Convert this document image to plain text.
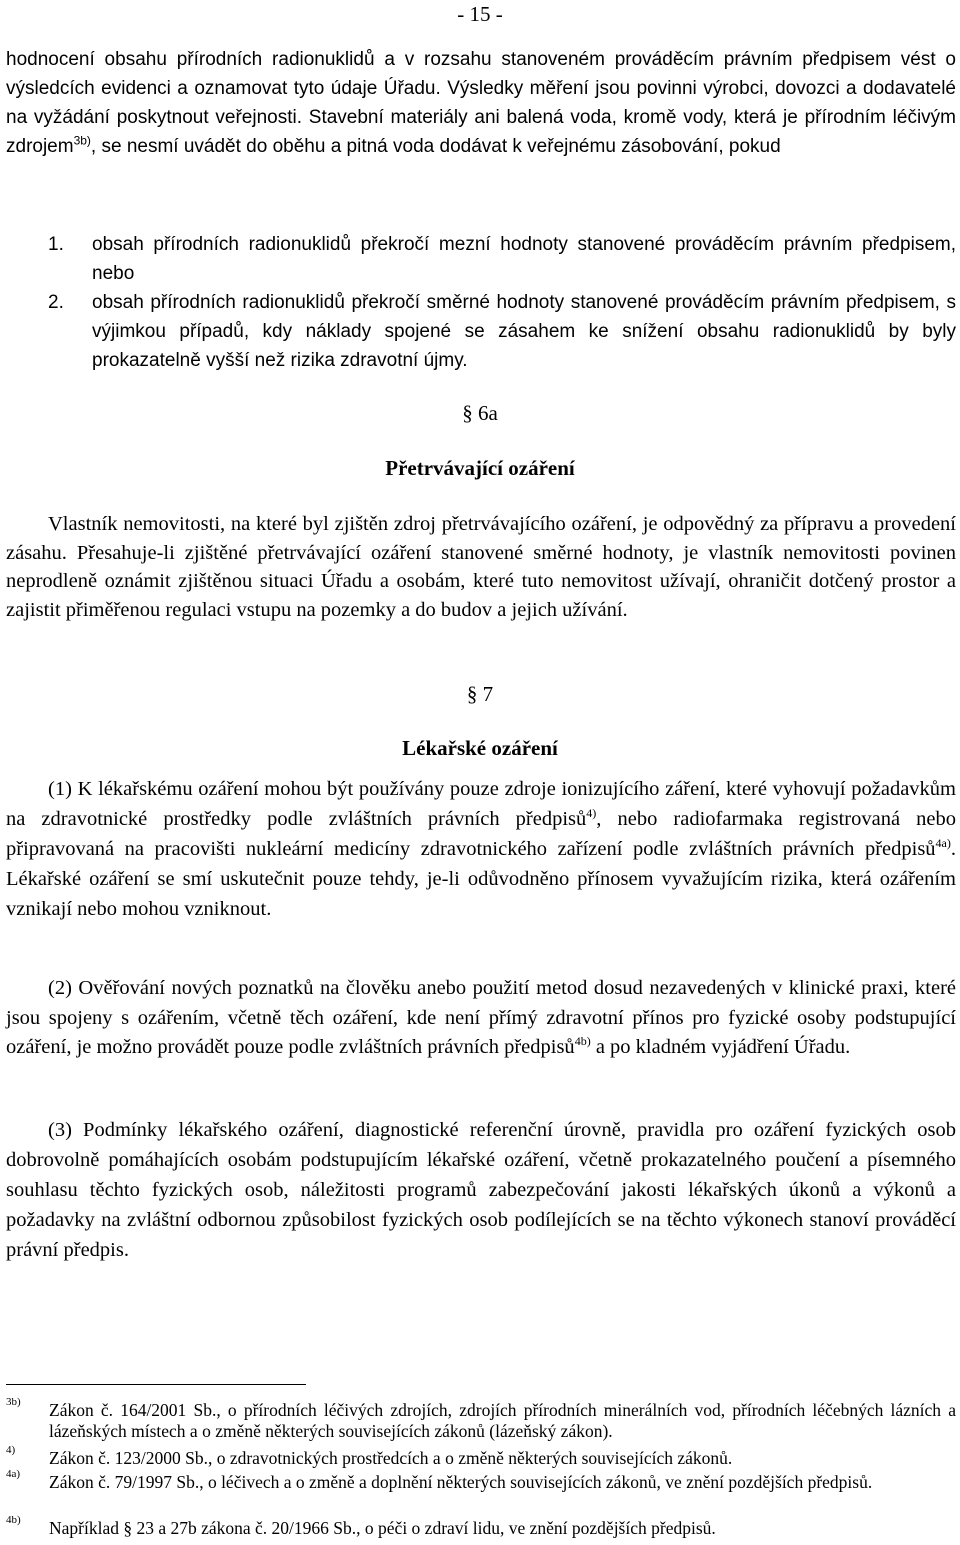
- 15 -
hodnocení obsahu přírodních radionuklidů a v rozsahu stanoveném prováděcím právním předpisem vést o výsledcích evidenci a oznamovat tyto údaje Úřadu. Výsledky měření jsou povinni výrobci, dovozci a dodavatelé na vyžádání poskytnout veřejnosti. Stavební materiály ani balená voda, kromě vody, která je přírodním léčivým zdrojem$^{3b)}$, se nesmí uvádět do oběhu a pitná voda dodávat k veřejnému zásobování, pokud
1. obsah přírodních radionuklidů překročí mezní hodnoty stanovené prováděcím právním předpisem, nebo
2. obsah přírodních radionuklidů překročí směrné hodnoty stanovené prováděcím právním předpisem, s výjimkou případů, kdy náklady spojené se zásahem ke snížení obsahu radionuklidů by byly prokazatelně vyšší než rizika zdravotní újmy.
§ 6a
Přetrvávající ozáření
Vlastník nemovitosti, na které byl zjištěn zdroj přetrvávajícího ozáření, je odpovědný za přípravu a provedení zásahu. Přesahuje-li zjištěné přetrvávající ozáření stanovené směrné hodnoty, je vlastník nemovitosti povinen neprodleně oznámit zjištěnou situaci Úřadu a osobám, které tuto nemovitost užívají, ohraničit dotčený prostor a zajistit přiměřenou regulaci vstupu na pozemky a do budov a jejich užívání.
§ 7
Lékařské ozáření
(1) K lékařskému ozáření mohou být používány pouze zdroje ionizujícího záření, které vyhovují požadavkům na zdravotnické prostředky podle zvláštních právních předpisů$^{4)}$, nebo radiofarmaka registrovaná nebo připravovaná na pracovišti nukleární medicíny zdravotnického zařízení podle zvláštních právních předpisů$^{4a)}$. Lékařské ozáření se smí uskutečnit pouze tehdy, je-li odůvodněno přínosem vyvažujícím rizika, která ozářením vznikají nebo mohou vzniknout.
(2) Ověřování nových poznatků na člověku anebo použití metod dosud nezavedených v klinické praxi, které jsou spojeny s ozářením, včetně těch ozáření, kde není přímý zdravotní přínos pro fyzické osoby podstupující ozáření, je možno provádět pouze podle zvláštních právních předpisů$^{4b)}$ a po kladném vyjádření Úřadu.
(3) Podmínky lékařského ozáření, diagnostické referenční úrovně, pravidla pro ozáření fyzických osob dobrovolně pomáhajících osobám podstupujícím lékařské ozáření, včetně prokazatelného poučení a písemného souhlasu těchto fyzických osob, náležitosti programů zabezpečování jakosti lékařských úkonů a výkonů a požadavky na zvláštní odbornou způsobilost fyzických osob podílejících se na těchto výkonech stanoví prováděcí právní předpis.
3b) Zákon č. 164/2001 Sb., o přírodních léčivých zdrojích, zdrojích přírodních minerálních vod, přírodních léčebných lázních a lázeňských místech a o změně některých souvisejících zákonů (lázeňský zákon).
4) Zákon č. 123/2000 Sb., o zdravotnických prostředcích a o změně některých souvisejících zákonů.
4a) Zákon č. 79/1997 Sb., o léčivech a o změně a doplnění některých souvisejících zákonů, ve znění pozdějších předpisů.
4b) Například § 23 a 27b zákona č. 20/1966 Sb., o péči o zdraví lidu, ve znění pozdějších předpisů.
